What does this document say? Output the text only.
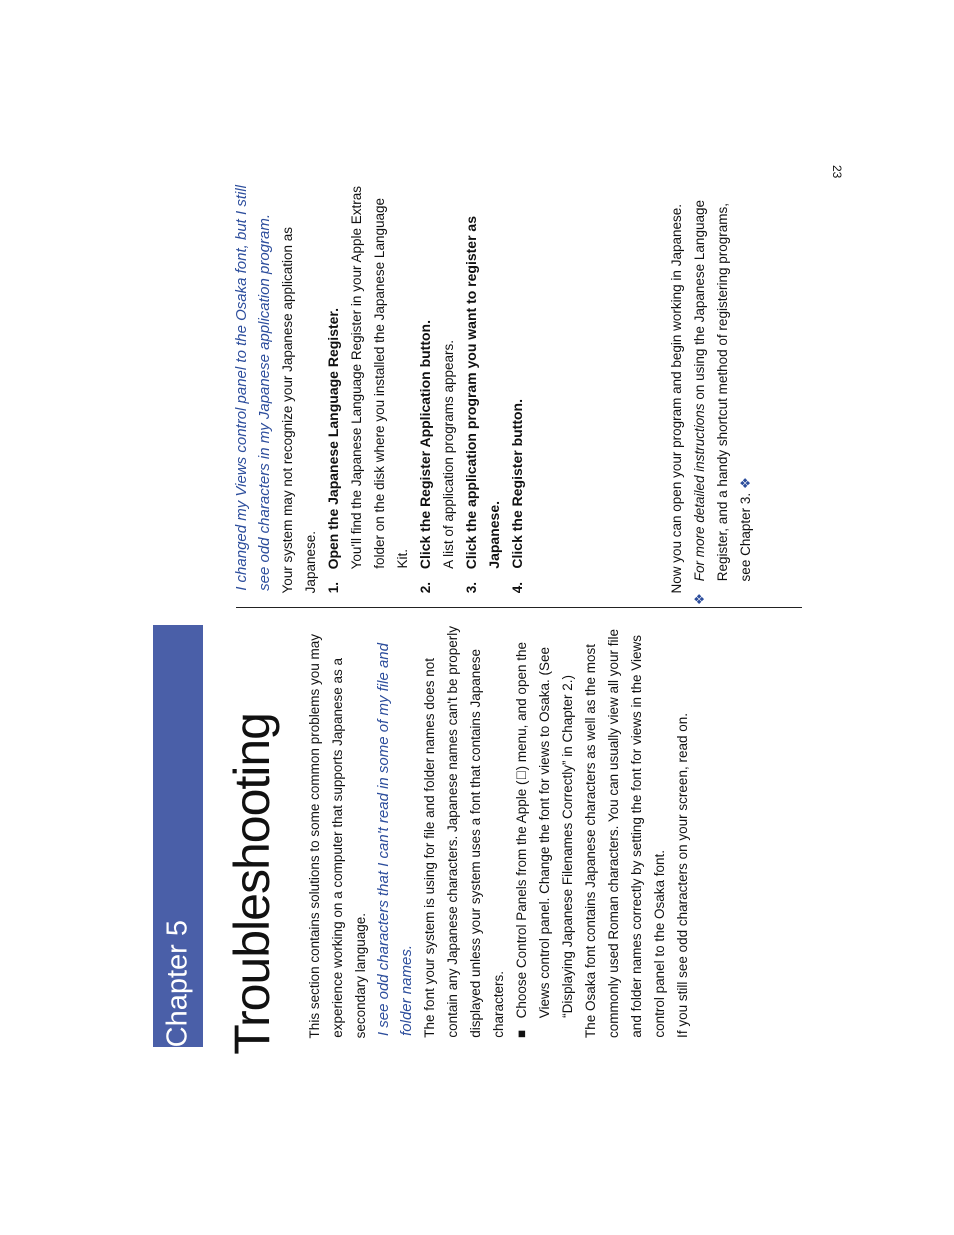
23
Chapter 5 Troubleshooting This section contains solutions to some common problems you may experience working on a computer that supports Japanese as a secondary language. I see odd characters that I can't read in some of my file and folder names. The font your system is using for file and folder names does not contain any Japanese characters. Japanese names can't be properly displayed unless your system uses a font that contains Japanese characters. ■
Choose Control Panels from the Apple ( ) menu, and open the Views control panel. Change the font for views to Osaka. (See “Displaying Japanese Filenames Correctly” in Chapter 2.) The Osaka font contains Japanese characters as well as the most commonly used Roman characters. You can usually view all your file and folder names correctly by setting the font for views in the Views control panel to the Osaka font. If you still see odd characters on your screen, read on.

I changed my Views control panel to the Osaka font, but I still see odd characters in my Japanese application program. Your system may not recognize your Japanese application as Japanese. 1.
Open the Japanese Language Register. You'll find the Japanese Language Register in your Apple Extras folder on the disk where you installed the Japanese Language Kit.
2.
Click the Register Application button. A list of application programs appears.
3.
Click the application program you want to register as Japanese.
4.
Click the Register button.	Now you can open your program and begin working in Japanese.

❖
For more detailed instructions on using the Japanese Language Register, and a handy shortcut method of registering programs, see Chapter 3. ❖
